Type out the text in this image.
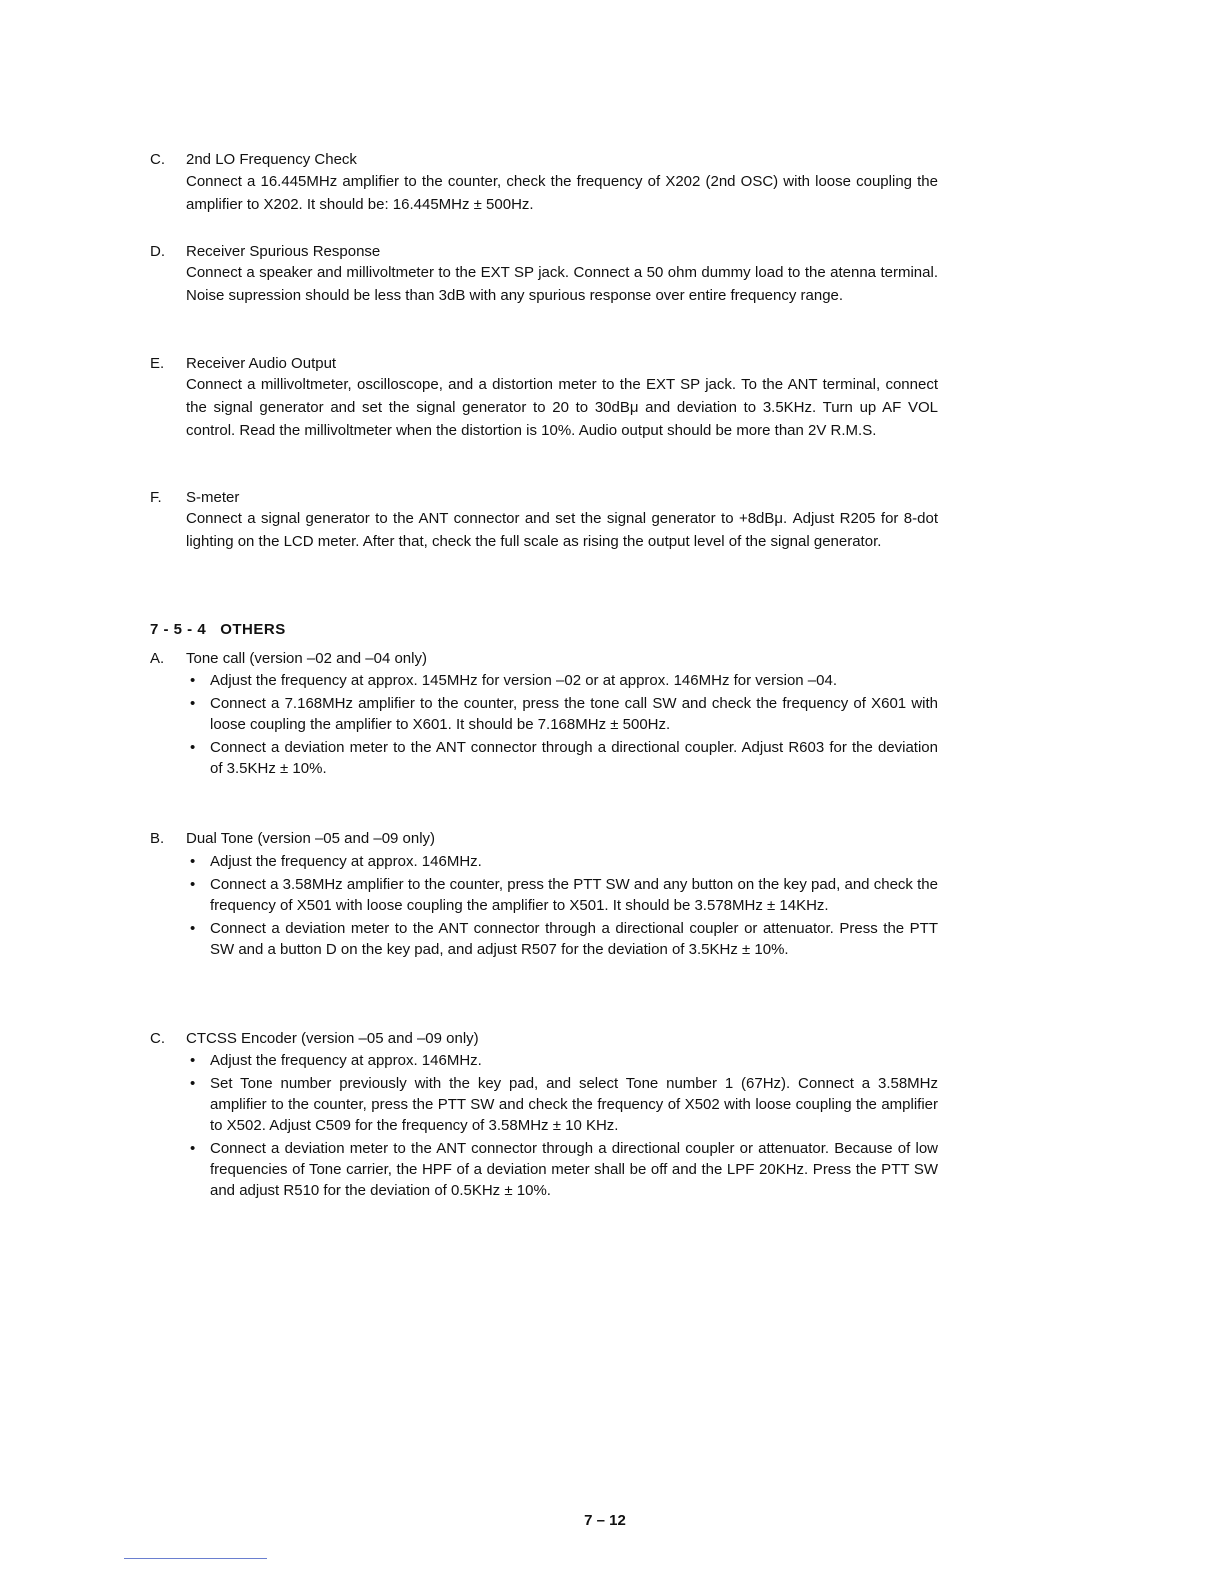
C. 2nd LO Frequency Check
Connect a 16.445MHz amplifier to the counter, check the frequency of X202 (2nd OSC) with loose coupling the amplifier to X202. It should be: 16.445MHz ± 500Hz.
D. Receiver Spurious Response
Connect a speaker and millivoltmeter to the EXT SP jack. Connect a 50 ohm dummy load to the atenna terminal. Noise supression should be less than 3dB with any spurious response over entire frequency range.
E. Receiver Audio Output
Connect a millivoltmeter, oscilloscope, and a distortion meter to the EXT SP jack. To the ANT terminal, connect the signal generator and set the signal generator to 20 to 30dBμ and deviation to 3.5KHz. Turn up AF VOL control. Read the millivoltmeter when the distortion is 10%. Audio output should be more than 2V R.M.S.
F. S-meter
Connect a signal generator to the ANT connector and set the signal generator to +8dBμ. Adjust R205 for 8-dot lighting on the LCD meter. After that, check the full scale as rising the output level of the signal generator.
7 - 5 - 4   OTHERS
A. Tone call (version –02 and –04 only)
• Adjust the frequency at approx. 145MHz for version –02 or at approx. 146MHz for version –04.
• Connect a 7.168MHz amplifier to the counter, press the tone call SW and check the frequency of X601 with loose coupling the amplifier to X601. It should be 7.168MHz ± 500Hz.
• Connect a deviation meter to the ANT connector through a directional coupler. Adjust R603 for the deviation of 3.5KHz ± 10%.
B. Dual Tone (version –05 and –09 only)
• Adjust the frequency at approx. 146MHz.
• Connect a 3.58MHz amplifier to the counter, press the PTT SW and any button on the key pad, and check the frequency of X501 with loose coupling the amplifier to X501. It should be 3.578MHz ± 14KHz.
• Connect a deviation meter to the ANT connector through a directional coupler or attenuator. Press the PTT SW and a button D on the key pad, and adjust R507 for the deviation of 3.5KHz ± 10%.
C. CTCSS Encoder (version –05 and –09 only)
• Adjust the frequency at approx. 146MHz.
• Set Tone number previously with the key pad, and select Tone number 1 (67Hz). Connect a 3.58MHz amplifier to the counter, press the PTT SW and check the frequency of X502 with loose coupling the amplifier to X502. Adjust C509 for the frequency of 3.58MHz ± 10 KHz.
• Connect a deviation meter to the ANT connector through a directional coupler or attenuator. Because of low frequencies of Tone carrier, the HPF of a deviation meter shall be off and the LPF 20KHz. Press the PTT SW and adjust R510 for the deviation of 0.5KHz ± 10%.
7 – 12
